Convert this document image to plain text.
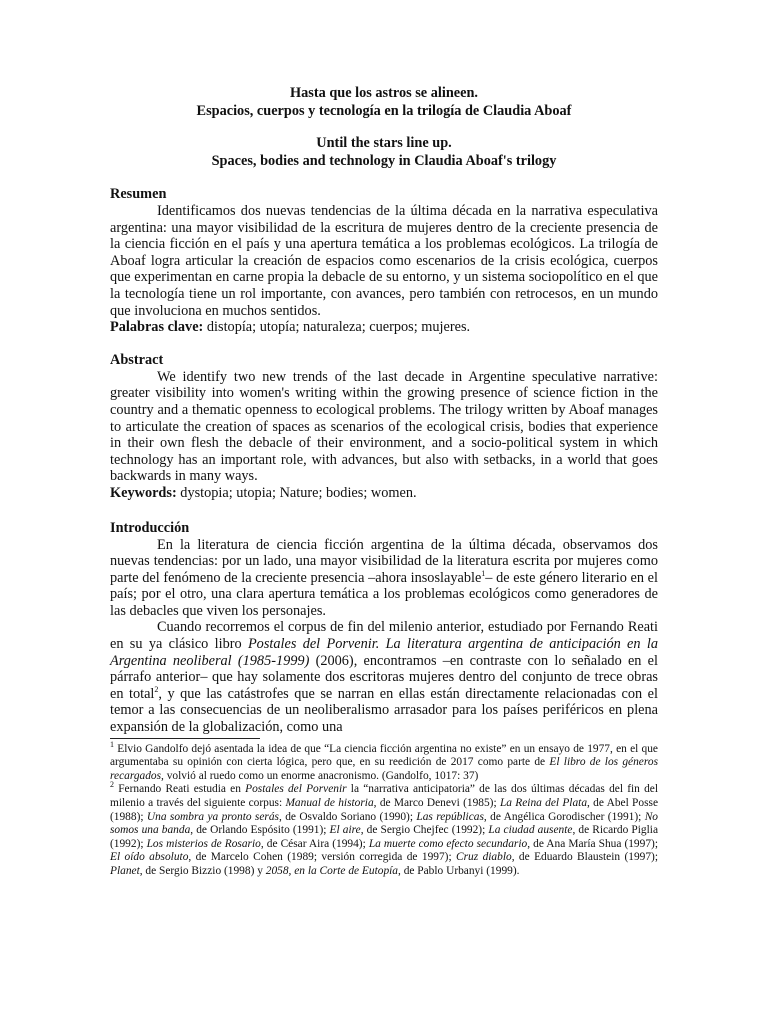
Hasta que los astros se alineen.
Espacios, cuerpos y tecnología en la trilogía de Claudia Aboaf
Until the stars line up.
Spaces, bodies and technology in Claudia Aboaf's trilogy
Resumen

Identificamos dos nuevas tendencias de la última década en la narrativa especulativa argentina: una mayor visibilidad de la escritura de mujeres dentro de la creciente presencia de la ciencia ficción en el país y una apertura temática a los problemas ecológicos. La trilogía de Aboaf logra articular la creación de espacios como escenarios de la crisis ecológica, cuerpos que experimentan en carne propia la debacle de su entorno, y un sistema sociopolítico en el que la tecnología tiene un rol importante, con avances, pero también con retrocesos, en un mundo que involuciona en muchos sentidos.

Palabras clave: distopía; utopía; naturaleza; cuerpos; mujeres.

Abstract

We identify two new trends of the last decade in Argentine speculative narrative: greater visibility into women's writing within the growing presence of science fiction in the country and a thematic openness to ecological problems. The trilogy written by Aboaf manages to articulate the creation of spaces as scenarios of the ecological crisis, bodies that experience in their own flesh the debacle of their environment, and a socio-political system in which technology has an important role, with advances, but also with setbacks, in a world that goes backwards in many ways.

Keywords: dystopia; utopia; Nature; bodies; women.

Introducción

En la literatura de ciencia ficción argentina de la última década, observamos dos nuevas tendencias: por un lado, una mayor visibilidad de la literatura escrita por mujeres como parte del fenómeno de la creciente presencia –ahora insoslayable$^1$– de este género literario en el país; por el otro, una clara apertura temática a los problemas ecológicos como generadores de las debacles que viven los personajes.

Cuando recorremos el corpus de fin del milenio anterior, estudiado por Fernando Reati en su ya clásico libro Postales del Porvenir. La literatura argentina de anticipación en la Argentina neoliberal (1985-1999) (2006), encontramos –en contraste con lo señalado en el párrafo anterior– que hay solamente dos escritoras mujeres dentro del conjunto de trece obras en total$^2$, y que las catástrofes que se narran en ellas están directamente relacionadas con el temor a las consecuencias de un neoliberalismo arrasador para los países periféricos en plena expansión de la globalización, como una

$^1$ Elvio Gandolfo dejó asentada la idea de que “La ciencia ficción argentina no existe” en un ensayo de 1977, en el que argumentaba su opinión con cierta lógica, pero que, en su reedición de 2017 como parte de El libro de los géneros recargados, volvió al ruedo como un enorme anacronismo. (Gandolfo, 1017: 37)

$^2$ Fernando Reati estudia en Postales del Porvenir la “narrativa anticipatoria” de las dos últimas décadas del fin del milenio a través del siguiente corpus: Manual de historia, de Marco Denevi (1985); La Reina del Plata, de Abel Posse (1988); Una sombra ya pronto serás, de Osvaldo Soriano (1990); Las repúblicas, de Angélica Gorodischer (1991); No somos una banda, de Orlando Espósito (1991); El aire, de Sergio Chejfec (1992); La ciudad ausente, de Ricardo Piglia (1992); Los misterios de Rosario, de César Aira (1994); La muerte como efecto secundario, de Ana María Shua (1997); El oído absoluto, de Marcelo Cohen (1989; versión corregida de 1997); Cruz diablo, de Eduardo Blaustein (1997); Planet, de Sergio Bizzio (1998) y 2058, en la Corte de Eutopía, de Pablo Urbanyi (1999).
